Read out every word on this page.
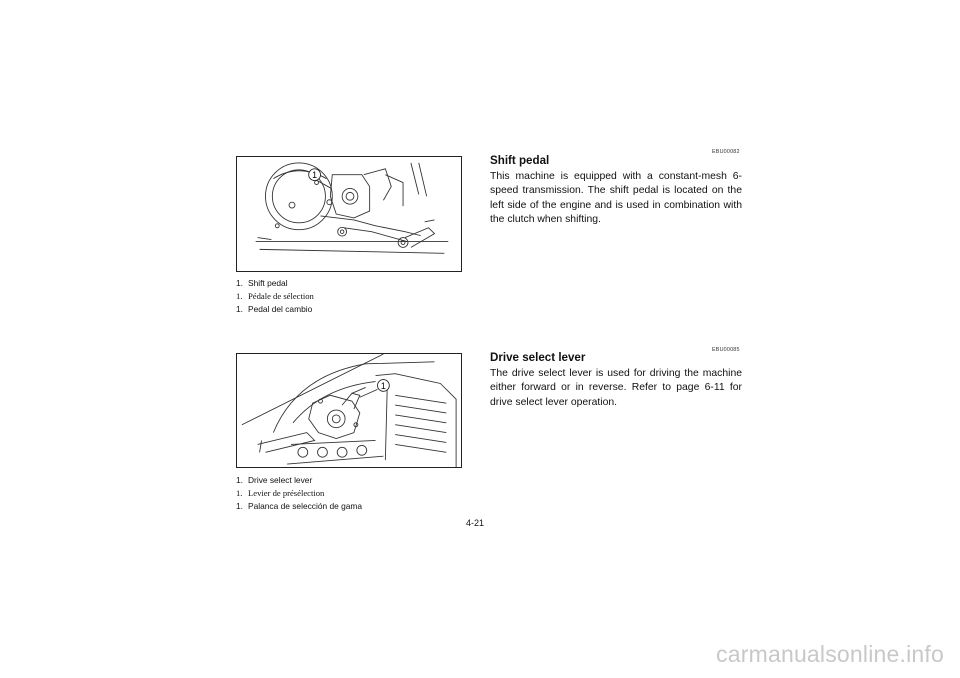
1
1. Shift pedal
1. Pédale de sélection
1. Pedal del cambio
1
1. Drive select lever
1. Levier de présélection
1. Palanca de selección de gama
EBU00082
Shift pedal

This machine is equipped with a constant-mesh 6-speed transmission. The shift pedal is located on the left side of the engine and is used in combination with the clutch when shifting.

EBU00085
Drive select lever

The drive select lever is used for driving the machine either forward or in reverse. Refer to page 6-11 for drive select lever operation.

4-21
carmanualsonline.info
